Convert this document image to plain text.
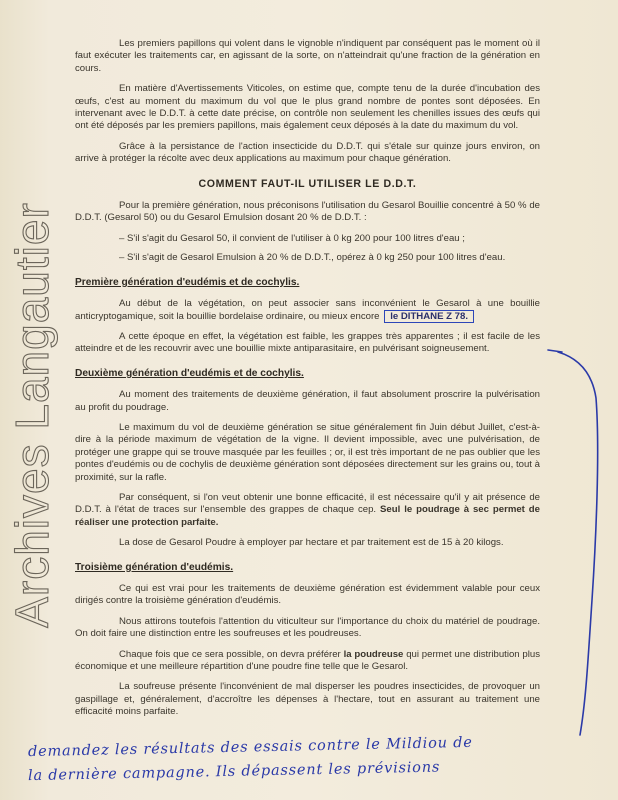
Archives Langautier

Les premiers papillons qui volent dans le vignoble n'indiquent par conséquent pas le moment où il faut exécuter les traitements car, en agissant de la sorte, on n'atteindrait qu'une fraction de la génération en cours.

En matière d'Avertissements Viticoles, on estime que, compte tenu de la durée d'incubation des œufs, c'est au moment du maximum du vol que le plus grand nombre de pontes sont déposées. En intervenant avec le D.D.T. à cette date précise, on contrôle non seulement les chenilles issues des œufs qui ont été déposés par les premiers papillons, mais également ceux déposés à la date du maximum du vol.

Grâce à la persistance de l'action insecticide du D.D.T. qui s'étale sur quinze jours environ, on arrive à protéger la récolte avec deux applications au maximum pour chaque génération.

COMMENT FAUT-IL UTILISER LE D.D.T.

Pour la première génération, nous préconisons l'utilisation du Gesarol Bouillie concentré à 50 % de D.D.T. (Gesarol 50) ou du Gesarol Emulsion dosant 20 % de D.D.T. :

– S'il s'agit du Gesarol 50, il convient de l'utiliser à 0 kg 200 pour 100 litres d'eau ;

– S'il s'agit de Gesarol Emulsion à 20 % de D.D.T., opérez à 0 kg 250 pour 100 litres d'eau.

Première génération d'eudémis et de cochylis.

Au début de la végétation, on peut associer sans inconvénient le Gesarol à une bouillie anticryptogamique, soit la bouillie bordelaise ordinaire, ou mieux encore le DITHANE Z 78.

A cette époque en effet, la végétation est faible, les grappes très apparentes ; il est facile de les atteindre et de les recouvrir avec une bouillie mixte antiparasitaire, en pulvérisant soigneusement.

Deuxième génération d'eudémis et de cochylis.

Au moment des traitements de deuxième génération, il faut absolument proscrire la pulvérisation au profit du poudrage.

Le maximum du vol de deuxième génération se situe généralement fin Juin début Juillet, c'est-à-dire à la période maximum de végétation de la vigne. Il devient impossible, avec une pulvérisation, de protéger une grappe qui se trouve masquée par les feuilles ; or, il est très important de ne pas oublier que les pontes d'eudémis ou de cochylis de deuxième génération sont déposées directement sur les grains ou, tout à proximité, sur la rafle.

Par conséquent, si l'on veut obtenir une bonne efficacité, il est nécessaire qu'il y ait présence de D.D.T. à l'état de traces sur l'ensemble des grappes de chaque cep. Seul le poudrage à sec permet de réaliser une protection parfaite.

La dose de Gesarol Poudre à employer par hectare et par traitement est de 15 à 20 kilogs.

Troisième génération d'eudémis.

Ce qui est vrai pour les traitements de deuxième génération est évidemment valable pour ceux dirigés contre la troisième génération d'eudémis.

Nous attirons toutefois l'attention du viticulteur sur l'importance du choix du matériel de poudrage. On doit faire une distinction entre les soufreuses et les poudreuses.

Chaque fois que ce sera possible, on devra préférer la poudreuse qui permet une distribution plus économique et une meilleure répartition d'une poudre fine telle que le Gesarol.

La soufreuse présente l'inconvénient de mal disperser les poudres insecticides, de provoquer un gaspillage et, généralement, d'accroître les dépenses à l'hectare, tout en assurant au traitement une efficacité moins parfaite.

demandez les résultats des essais contre le Mildiou de
la dernière campagne. Ils dépassent les prévisions
